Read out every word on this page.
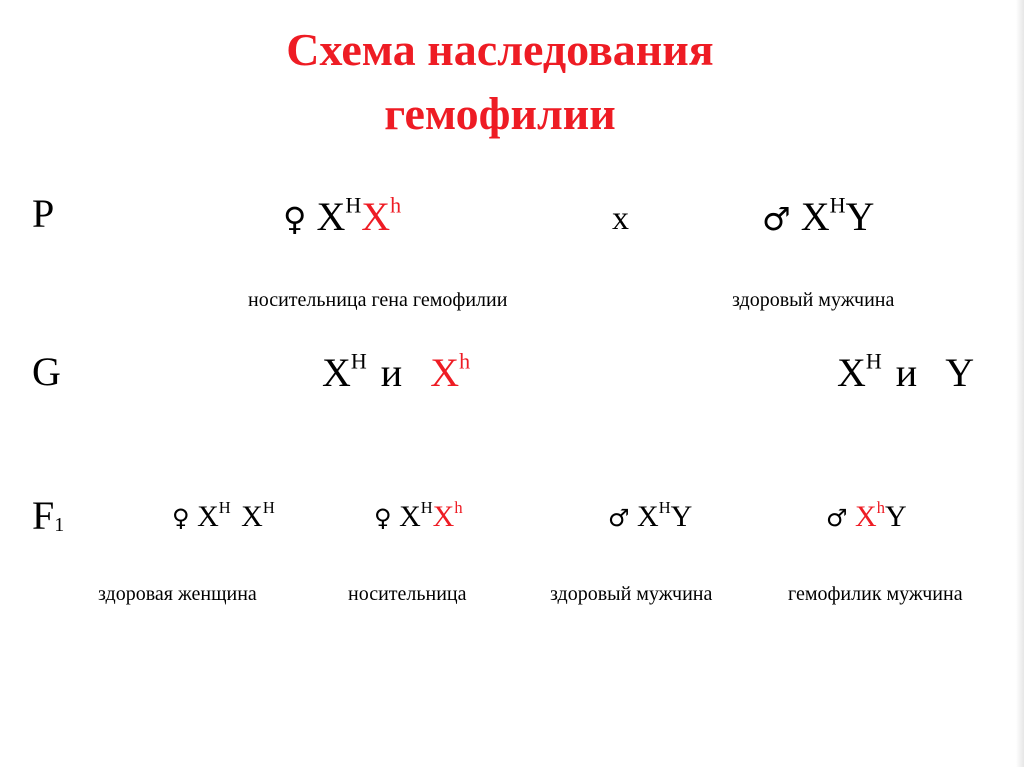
Схема наследования
гемофилии
P	♀ $X^HX^h$	х	♂ $X^HY$
носительница гена гемофилии	здоровый мужчина
G	$X^H$ и $X^h$	$X^H$ и Y
$F_1$	♀ $X^H$ $X^H$	♀ $X^HX^h$	♂ $X^HY$	♂ $X^hY$
здоровая женщина	носительница	здоровый мужчина	гемофилик мужчина
